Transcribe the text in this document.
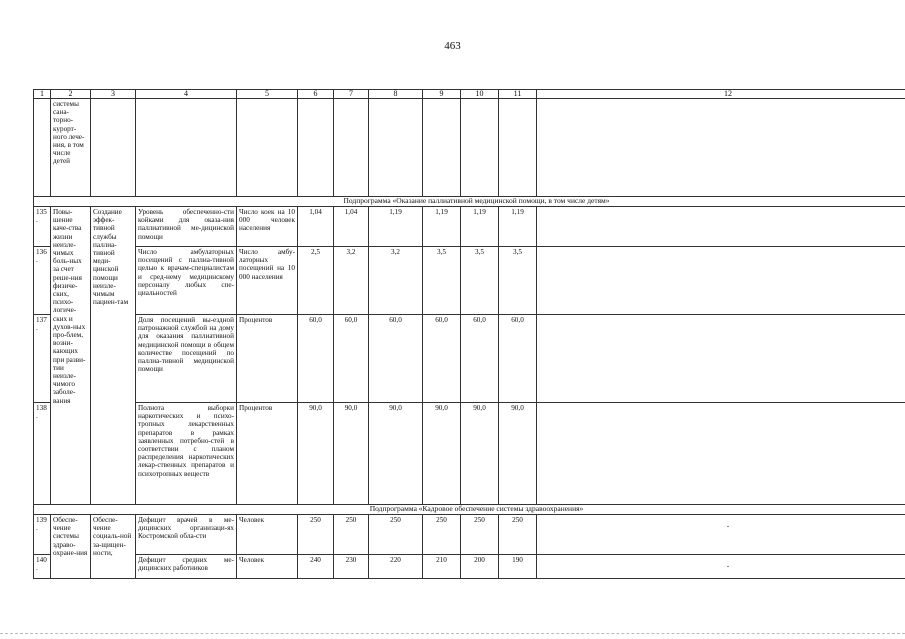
463
1	2	3	4	5	6	7	8	9	10	11	12
	системы сана-торно-курорт-ного лече-ния, в том числе детей										
Подпрограмма «Оказание паллиативной медицинской помощи, в том числе детям»											
135.	Повы-шение каче-ства жизни неизле-чимых боль-ных за счет реше-ния физиче-ских, психо-логиче-ских и духов-ных про-блем, возни-кающих при разви-тии неизле-чимого заболе-вания	Создание эффек-тивной службы паллиа-тивной меди-цинской помощи неизле-чимым пациен-там	Уровень обеспеченно-сти койками для оказа-ния паллиативной ме-дицинской помощи	Число коек на 10 000 человек населения	1,04	1,04	1,19	1,19	1,19	1,19	
136.			Число амбулаторных посещений с паллиа-тивной целью к врачам-специалистам и сред-нему медицинскому персоналу любых спе-циальностей	Число амбу-латорных посещений на 10 000 населения	2,5	3,2	3,2	3,5	3,5	3,5	
137.			Доля посещений вы-ездной патронажной службой на дому для оказания паллиативной медицинской помощи в общем количестве посещений по паллиа-тивной медицинской помощи	Процентов	60,0	60,0	60,0	60,0	60,0	60,0	
138.			Полнота выборки наркотических и психо-тропных лекарственных препаратов в рамках заявленных потребно-стей в соответствии с планом распределения наркотических лекар-ственных препаратов и психотропных веществ	Процентов	90,0	90,0	90,0	90,0	90,0	90,0	
Подпрограмма «Кадровое обеспечение системы здравоохранения»											
139.	Обеспе-чение системы здраво-охране-ния	Обеспе-чение социаль-ной за-щищен-ности,	Дефицит врачей в ме-дицинских организаци-ях Костромской обла-сти	Человек	250	250	250	250	250	250	-
140.			Дефицит средних ме-дицинских работников	Человек	240	230	220	210	200	190	-
